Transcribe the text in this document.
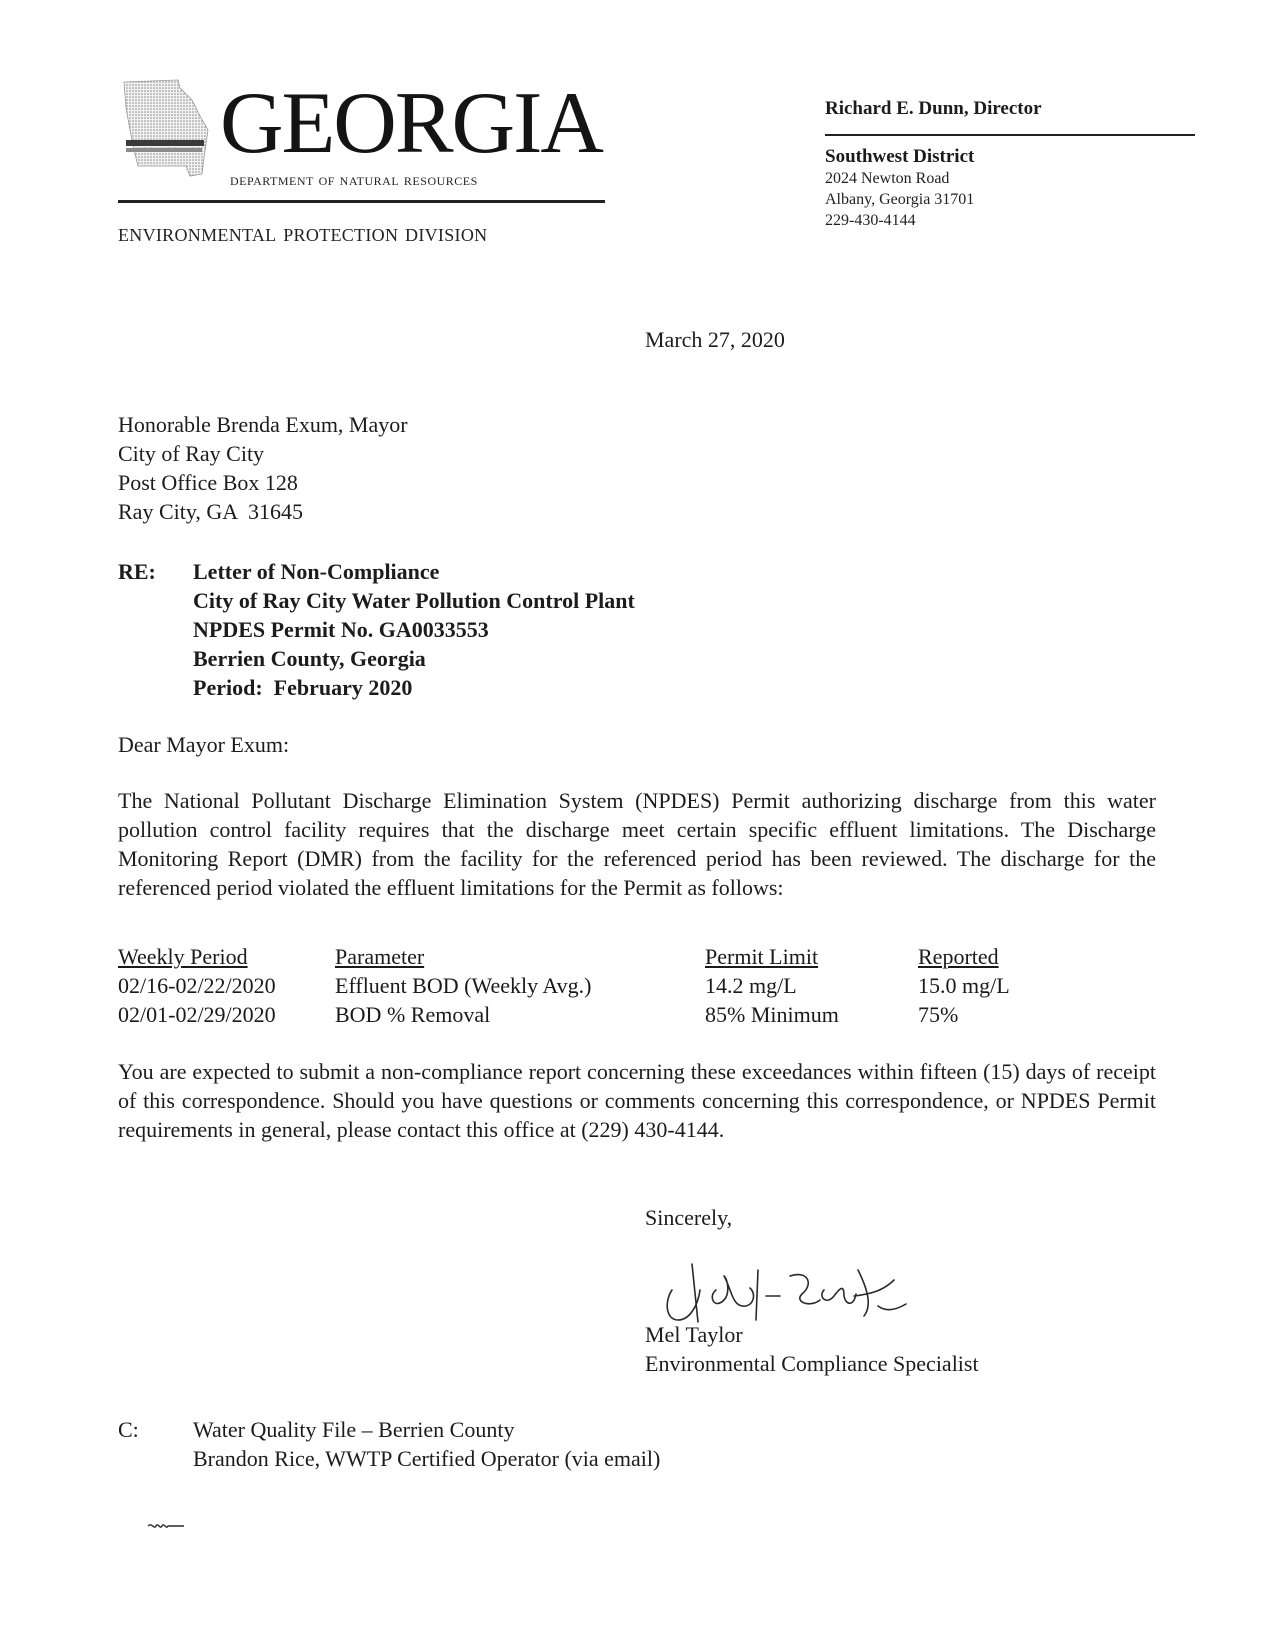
GEORGIA
department of natural resources
environmental protection division
Richard E. Dunn, Director
Southwest District
2024 Newton Road
Albany, Georgia 31701
229-430-4144
March 27, 2020
Honorable Brenda Exum, Mayor
City of Ray City
Post Office Box 128
Ray City, GA  31645
RE: Letter of Non-Compliance
City of Ray City Water Pollution Control Plant
NPDES Permit No. GA0033553
Berrien County, Georgia
Period:  February 2020
Dear Mayor Exum:
The National Pollutant Discharge Elimination System (NPDES) Permit authorizing discharge from this water pollution control facility requires that the discharge meet certain specific effluent limitations. The Discharge Monitoring Report (DMR) from the facility for the referenced period has been reviewed. The discharge for the referenced period violated the effluent limitations for the Permit as follows:
Weekly Period	Parameter	Permit Limit	Reported
02/16-02/22/2020	Effluent BOD (Weekly Avg.)	14.2 mg/L	15.0 mg/L
02/01-02/29/2020	BOD % Removal	85% Minimum	75%
You are expected to submit a non-compliance report concerning these exceedances within fifteen (15) days of receipt of this correspondence. Should you have questions or comments concerning this correspondence, or NPDES Permit requirements in general, please contact this office at (229) 430-4144.
Sincerely,
Mel Taylor
Environmental Compliance Specialist
C: Water Quality File – Berrien County
Brandon Rice, WWTP Certified Operator (via email)
